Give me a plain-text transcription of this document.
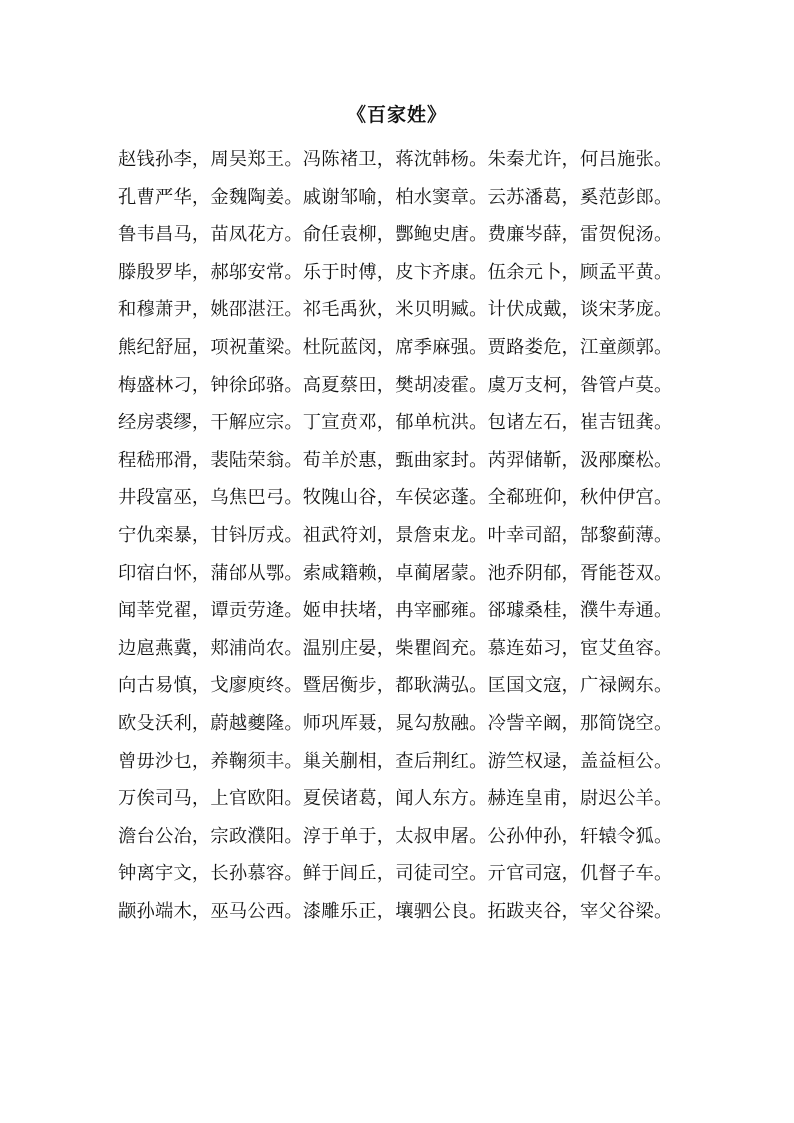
《百家姓》
赵钱孙李，周吴郑王。冯陈褚卫，蒋沈韩杨。朱秦尤许，何吕施张。
孔曹严华，金魏陶姜。戚谢邹喻，柏水窦章。云苏潘葛，奚范彭郎。
鲁韦昌马，苗凤花方。俞任袁柳，酆鲍史唐。费廉岑薛，雷贺倪汤。
滕殷罗毕，郝邬安常。乐于时傅，皮卞齐康。伍余元卜，顾孟平黄。
和穆萧尹，姚邵湛汪。祁毛禹狄，米贝明臧。计伏成戴，谈宋茅庞。
熊纪舒屈，项祝董梁。杜阮蓝闵，席季麻强。贾路娄危，江童颜郭。
梅盛林刁，钟徐邱骆。高夏蔡田，樊胡凌霍。虞万支柯，昝管卢莫。
经房裘缪，干解应宗。丁宣贲邓，郁单杭洪。包诸左石，崔吉钮龚。
程嵇邢滑，裴陆荣翁。荀羊於惠，甄曲家封。芮羿储靳，汲邴糜松。
井段富巫，乌焦巴弓。牧隗山谷，车侯宓蓬。全郗班仰，秋仲伊宫。
宁仇栾暴，甘钭厉戎。祖武符刘，景詹束龙。叶幸司韶，郜黎蓟薄。
印宿白怀，蒲邰从鄂。索咸籍赖，卓蔺屠蒙。池乔阴郁，胥能苍双。
闻莘党翟，谭贡劳逄。姬申扶堵，冉宰郦雍。郤璩桑桂，濮牛寿通。
边扈燕冀，郏浦尚农。温别庄晏，柴瞿阎充。慕连茹习，宦艾鱼容。
向古易慎，戈廖庾终。暨居衡步，都耿满弘。匡国文寇，广禄阙东。
欧殳沃利，蔚越夔隆。师巩厍聂，晁勾敖融。冷訾辛阚，那简饶空。
曾毋沙乜，养鞠须丰。巢关蒯相，查后荆红。游竺权逯，盖益桓公。
万俟司马，上官欧阳。夏侯诸葛，闻人东方。赫连皇甫，尉迟公羊。
澹台公冶，宗政濮阳。淳于单于，太叔申屠。公孙仲孙，轩辕令狐。
钟离宇文，长孙慕容。鲜于闾丘，司徒司空。亓官司寇，仉督子车。
颛孙端木，巫马公西。漆雕乐正，壤驷公良。拓跋夹谷，宰父谷梁。
